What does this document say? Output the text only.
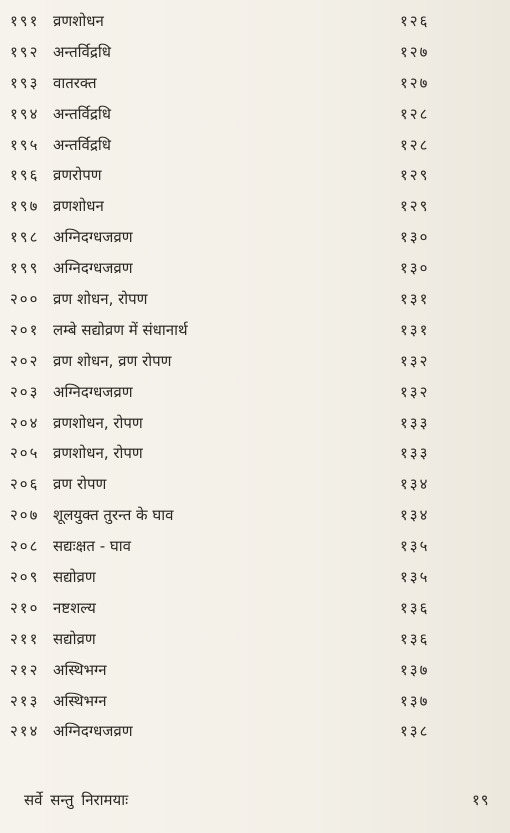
१९१ व्रणशोधन	१२६
१९२ अन्तर्विद्रधि	१२७
१९३ वातरक्त	१२७
१९४ अन्तर्विद्रधि	१२८
१९५ अन्तर्विद्रधि	१२८
१९६ व्रणरोपण	१२९
१९७ व्रणशोधन	१२९
१९८ अग्निदग्धजव्रण	१३०
१९९ अग्निदग्धजव्रण	१३०
२०० व्रण शोधन, रोपण	१३१
२०१ लम्बे सद्योव्रण में संधानार्थ	१३१
२०२ व्रण शोधन, व्रण रोपण	१३२
२०३ अग्निदग्धजव्रण	१३२
२०४ व्रणशोधन, रोपण	१३३
२०५ व्रणशोधन, रोपण	१३३
२०६ व्रण रोपण	१३४
२०७ शूलयुक्त तुरन्त के घाव	१३४
२०८ सद्यःक्षत - घाव	१३५
२०९ सद्योव्रण	१३५
२१० नष्टशल्य	१३६
२११ सद्योव्रण	१३६
२१२ अस्थिभग्न	१३७
२१३ अस्थिभग्न	१३७
२१४ अग्निदग्धजव्रण	१३८
सर्वे सन्तु निरामयाः	१९
